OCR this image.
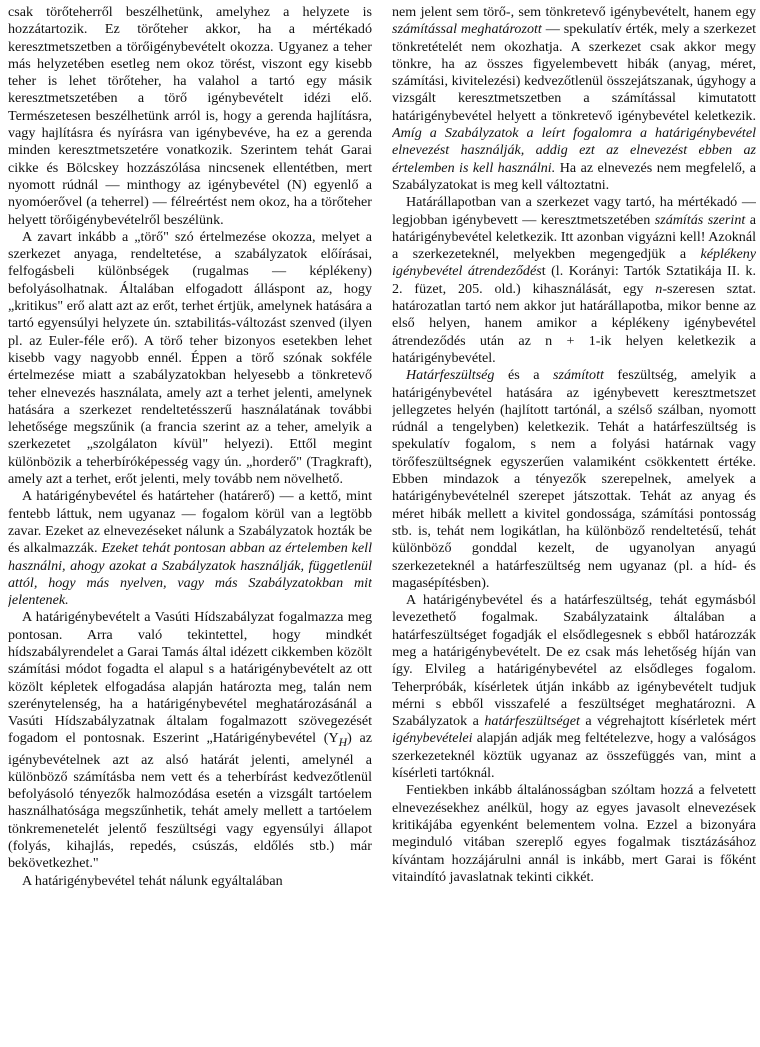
csak törőteherről beszélhetünk, amelyhez a helyzete is hozzátartozik. Ez törőteher akkor, ha a mértékadó keresztmetszetben a törőigénybevételt okozza. Ugyanez a teher más helyzetében esetleg nem okoz törést, viszont egy kisebb teher is lehet törőteher, ha valahol a tartó egy másik keresztmetszetében a törő igénybevételt idézi elő. Természetesen beszélhetünk arról is, hogy a gerenda hajlításra, vagy hajlításra és nyírásra van igénybevéve, ha ez a gerenda minden keresztmetszetére vonatkozik. Szerintem tehát Garai cikke és Bölcskey hozzászólása nincsenek ellentétben, mert nyomott rúdnál — minthogy az igénybevétel (N) egyenlő a nyomóerővel (a teherrel) — félreértést nem okoz, ha a törőteher helyett törőigénybevételről beszélünk.

A zavart inkább a „törő" szó értelmezése okozza, melyet a szerkezet anyaga, rendeltetése, a szabályzatok előírásai, felfogásbeli különbségek (rugalmas — képlékeny) befolyásolhatnak. Általában elfogadott álláspont az, hogy „kritikus" erő alatt azt az erőt, terhet értjük, amelynek hatására a tartó egyensúlyi helyzete ún. sztabilitás-változást szenved (ilyen pl. az Euler-féle erő). A törő teher bizonyos esetekben lehet kisebb vagy nagyobb ennél. Éppen a törő szónak sokféle értelmezése miatt a szabályzatokban helyesebb a tönkretevő teher elnevezés használata, amely azt a terhet jelenti, amelynek hatására a szerkezet rendeltetésszerű használatának további lehetősége megszűnik (a francia szerint az a teher, amelyik a szerkezetet „szolgálaton kívül" helyezi). Ettől megint különbözik a teherbíróképesség vagy ún. „horderő" (Tragkraft), amely azt a terhet, erőt jelenti, mely tovább nem növelhető.

A határigénybevétel és határteher (határerő) — a kettő, mint fentebb láttuk, nem ugyanaz — fogalom körül van a legtöbb zavar. Ezeket az elnevezéseket nálunk a Szabályzatok hozták be és alkalmazzák. Ezeket tehát pontosan abban az értelemben kell használni, ahogy azokat a Szabályzatok használják, függetlenül attól, hogy más nyelven, vagy más Szabályzatokban mit jelentenek.

A határigénybevételt a Vasúti Hídszabályzat fogalmazza meg pontosan. Arra való tekintettel, hogy mindkét hídszabályrendelet a Garai Tamás által idézett cikkemben közölt számítási módot fogadta el alapul s a határigénybevételt az ott közölt képletek elfogadása alapján határozta meg, talán nem szerénytelenség, ha a határigénybevétel meghatározásánál a Vasúti Hídszabályzatnak általam fogalmazott szövegezését fogadom el pontosnak. Eszerint „Határigénybevétel $(Y_H)$ az igénybevételnek azt az alsó határát jelenti, amelynél a különböző számításba nem vett és a teherbírást kedvezőtlenül befolyásoló tényezők halmozódása esetén a vizsgált tartóelem használhatósága megszűnhetik, tehát amely mellett a tartóelem tönkremenetelét jelentő feszültségi vagy egyensúlyi állapot (folyás, kihajlás, repedés, csúszás, eldőlés stb.) már bekövetkezhet."

A határigénybevétel tehát nálunk egyáltalában

nem jelent sem törő-, sem tönkretevő igénybevételt, hanem egy számítással meghatározott — spekulatív érték, mely a szerkezet tönkretételét nem okozhatja. A szerkezet csak akkor megy tönkre, ha az összes figyelembevett hibák (anyag, méret, számítási, kivitelezési) kedvezőtlenül összejátszanak, úgyhogy a vizsgált keresztmetszetben a számítással kimutatott határigénybevétel helyett a tönkretevő igénybevétel keletkezik. Amíg a Szabályzatok a leírt fogalomra a határigénybevétel elnevezést használják, addig ezt az elnevezést ebben az értelemben is kell használni. Ha az elnevezés nem megfelelő, a Szabályzatokat is meg kell változtatni.

Határállapotban van a szerkezet vagy tartó, ha mértékadó — legjobban igénybevett — keresztmetszetében számítás szerint a határigénybevétel keletkezik. Itt azonban vigyázni kell! Azoknál a szerkezeteknél, melyekben megengedjük a képlékeny igénybevétel átrendeződést (l. Korányi: Tartók Sztatikája II. k. 2. füzet, 205. old.) kihasználását, egy n-szeresen sztat. határozatlan tartó nem akkor jut határállapotba, mikor benne az első helyen, hanem amikor a képlékeny igénybevétel átrendeződés után az n + 1-ik helyen keletkezik a határigénybevétel.

Határfeszültség és a számított feszültség, amelyik a határigénybevétel hatására az igénybevett keresztmetszet jellegzetes helyén (hajlított tartónál, a szélső szálban, nyomott rúdnál a tengelyben) keletkezik. Tehát a határfeszültség is spekulatív fogalom, s nem a folyási határnak vagy törőfeszültségnek egyszerűen valamiként csökkentett értéke. Ebben mindazok a tényezők szerepelnek, amelyek a határigénybevételnél szerepet játszottak. Tehát az anyag és méret hibák mellett a kivitel gondossága, számítási pontosság stb. is, tehát nem logikátlan, ha különböző rendeltetésű, tehát különböző gonddal kezelt, de ugyanolyan anyagú szerkezeteknél a határfeszültség nem ugyanaz (pl. a híd- és magasépítésben).

A határigénybevétel és a határfeszültség, tehát egymásból levezethető fogalmak. Szabályzataink általában a határfeszültséget fogadják el elsődlegesnek s ebből határozzák meg a határigénybevételt. De ez csak más lehetőség híján van így. Elvileg a határigénybevétel az elsődleges fogalom. Teherpróbák, kísérletek útján inkább az igénybevételt tudjuk mérni s ebből visszafelé a feszültséget meghatározni. A Szabályzatok a határfeszültséget a végrehajtott kísérletek mért igénybevételei alapján adják meg feltételezve, hogy a valóságos szerkezeteknél köztük ugyanaz az összefüggés van, mint a kísérleti tartóknál.

Fentiekben inkább általánosságban szóltam hozzá a felvetett elnevezésekhez anélkül, hogy az egyes javasolt elnevezések kritikájába egyenként belementem volna. Ezzel a bizonyára meginduló vitában szereplő egyes fogalmak tisztázásához kívántam hozzájárulni annál is inkább, mert Garai is főként vitaindító javaslatnak tekinti cikkét.
